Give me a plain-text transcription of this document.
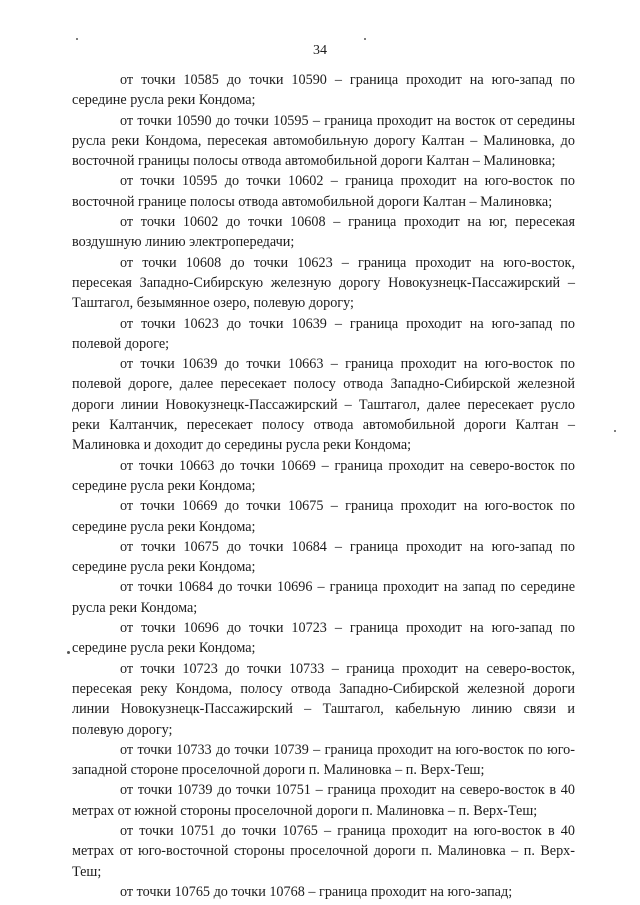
34

от точки 10585 до точки 10590 – граница проходит на юго-запад по середине русла реки Кондома;

от точки 10590 до точки 10595 – граница проходит на восток от середины русла реки Кондома, пересекая автомобильную дорогу Калтан – Малиновка, до восточной границы полосы отвода автомобильной дороги Калтан – Малиновка;

от точки 10595 до точки 10602 – граница проходит на юго-восток по восточной границе полосы отвода автомобильной дороги Калтан – Малиновка;

от точки 10602 до точки 10608 – граница проходит на юг, пересекая воздушную линию электропередачи;

от точки 10608 до точки 10623 – граница проходит на юго-восток, пересекая Западно-Сибирскую железную дорогу Новокузнецк-Пассажирский – Таштагол, безымянное озеро, полевую дорогу;

от точки 10623 до точки 10639 – граница проходит на юго-запад по полевой дороге;

от точки 10639 до точки 10663 – граница проходит на юго-восток по полевой дороге, далее пересекает полосу отвода Западно-Сибирской железной дороги линии Новокузнецк-Пассажирский – Таштагол, далее пересекает русло реки Калтанчик, пересекает полосу отвода автомобильной дороги Калтан – Малиновка и доходит до середины русла реки Кондома;

от точки 10663 до точки 10669 – граница проходит на северо-восток по середине русла реки Кондома;

от точки 10669 до точки 10675 – граница проходит на юго-восток по середине русла реки Кондома;

от точки 10675 до точки 10684 – граница проходит на юго-запад по середине русла реки Кондома;

от точки 10684 до точки 10696 – граница проходит на запад по середине русла реки Кондома;

от точки 10696 до точки 10723 – граница проходит на юго-запад по середине русла реки Кондома;

от точки 10723 до точки 10733 – граница проходит на северо-восток, пересекая реку Кондома, полосу отвода Западно-Сибирской железной дороги линии Новокузнецк-Пассажирский – Таштагол, кабельную линию связи и полевую дорогу;

от точки 10733 до точки 10739 – граница проходит на юго-восток по юго-западной стороне проселочной дороги п. Малиновка – п. Верх-Теш;

от точки 10739 до точки 10751 – граница проходит на северо-восток в 40 метрах от южной стороны проселочной дороги п. Малиновка – п. Верх-Теш;

от точки 10751 до точки 10765 – граница проходит на юго-восток в 40 метрах от юго-восточной стороны проселочной дороги п. Малиновка – п. Верх-Теш;

от точки 10765 до точки 10768 – граница проходит на юго-запад;
